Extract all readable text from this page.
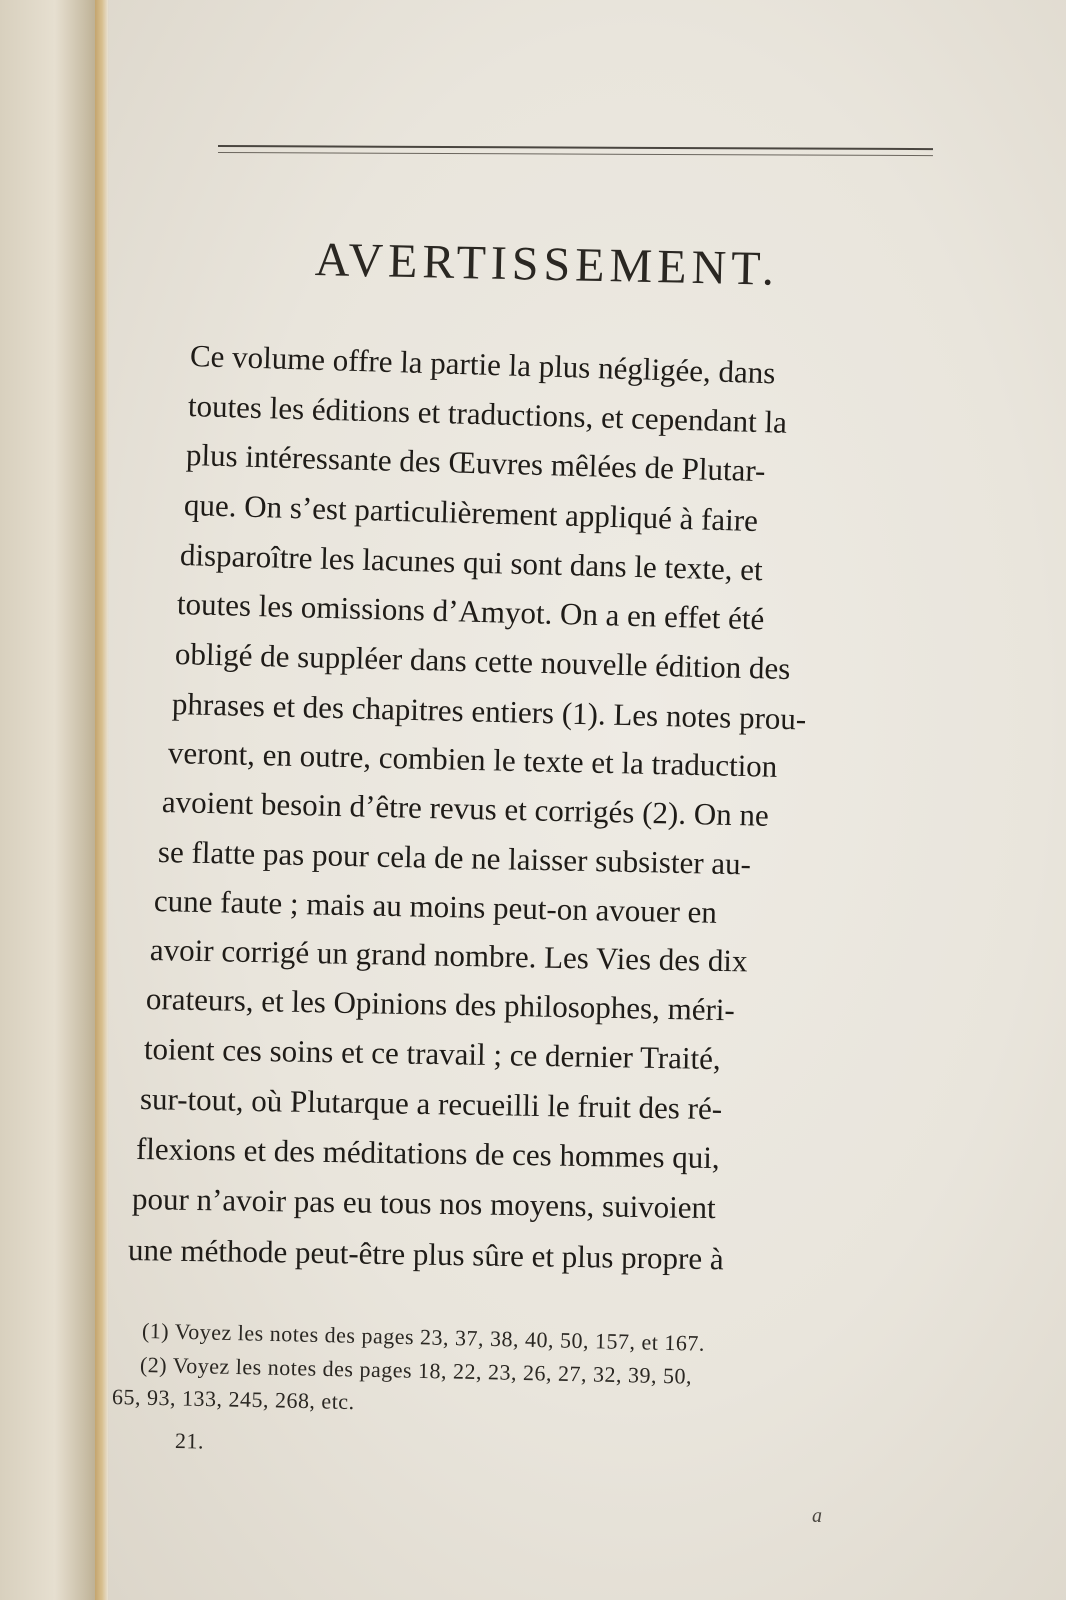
AVERTISSEMENT.
Ce volume offre la partie la plus négligée, dans
toutes les éditions et traductions, et cependant la
plus intéressante des Œuvres mêlées de Plutar-
que. On s’est particulièrement appliqué à faire
disparoître les lacunes qui sont dans le texte, et
toutes les omissions d’Amyot. On a en effet été
obligé de suppléer dans cette nouvelle édition des
phrases et des chapitres entiers (1). Les notes prou-
veront, en outre, combien le texte et la traduction
avoient besoin d’être revus et corrigés (2). On ne
se flatte pas pour cela de ne laisser subsister au-
cune faute ; mais au moins peut-on avouer en
avoir corrigé un grand nombre. Les Vies des dix
orateurs, et les Opinions des philosophes, méri-
toient ces soins et ce travail ; ce dernier Traité,
sur-tout, où Plutarque a recueilli le fruit des ré-
flexions et des méditations de ces hommes qui,
pour n’avoir pas eu tous nos moyens, suivoient
une méthode peut-être plus sûre et plus propre à
(1) Voyez les notes des pages 23, 37, 38, 40, 50, 157, et 167.
(2) Voyez les notes des pages 18, 22, 23, 26, 27, 32, 39, 50,
65, 93, 133, 245, 268, etc.
21.
a
